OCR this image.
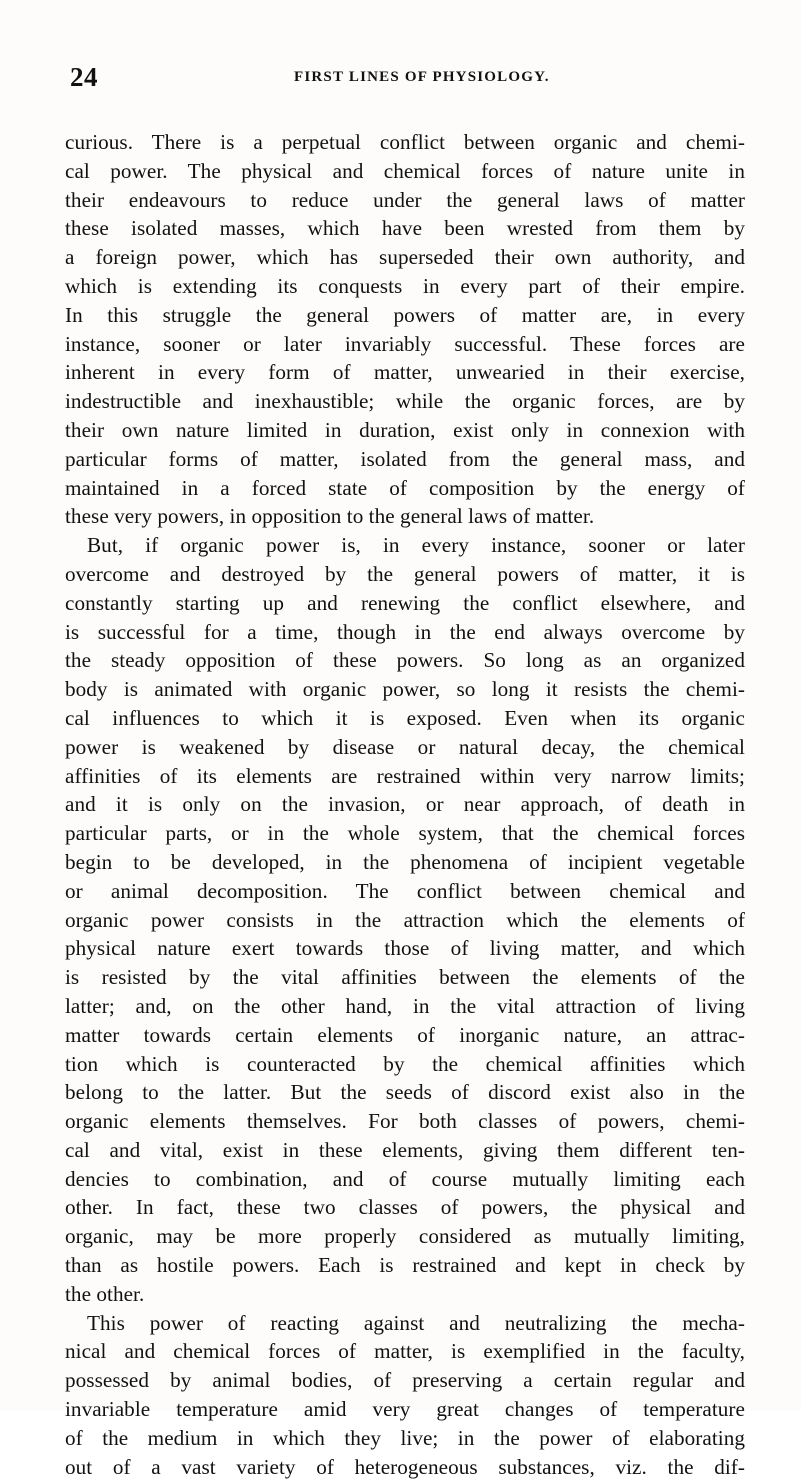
24	FIRST LINES OF PHYSIOLOGY.
curious. There is a perpetual conflict between organic and chemi-
cal power. The physical and chemical forces of nature unite in
their endeavours to reduce under the general laws of matter
these isolated masses, which have been wrested from them by
a foreign power, which has superseded their own authority, and
which is extending its conquests in every part of their empire.
In this struggle the general powers of matter are, in every
instance, sooner or later invariably successful. These forces are
inherent in every form of matter, unwearied in their exercise,
indestructible and inexhaustible; while the organic forces, are by
their own nature limited in duration, exist only in connexion with
particular forms of matter, isolated from the general mass, and
maintained in a forced state of composition by the energy of
these very powers, in opposition to the general laws of matter.
But, if organic power is, in every instance, sooner or later
overcome and destroyed by the general powers of matter, it is
constantly starting up and renewing the conflict elsewhere, and
is successful for a time, though in the end always overcome by
the steady opposition of these powers. So long as an organized
body is animated with organic power, so long it resists the chemi-
cal influences to which it is exposed. Even when its organic
power is weakened by disease or natural decay, the chemical
affinities of its elements are restrained within very narrow limits;
and it is only on the invasion, or near approach, of death in
particular parts, or in the whole system, that the chemical forces
begin to be developed, in the phenomena of incipient vegetable
or animal decomposition. The conflict between chemical and
organic power consists in the attraction which the elements of
physical nature exert towards those of living matter, and which
is resisted by the vital affinities between the elements of the
latter; and, on the other hand, in the vital attraction of living
matter towards certain elements of inorganic nature, an attrac-
tion which is counteracted by the chemical affinities which
belong to the latter. But the seeds of discord exist also in the
organic elements themselves. For both classes of powers, chemi-
cal and vital, exist in these elements, giving them different ten-
dencies to combination, and of course mutually limiting each
other. In fact, these two classes of powers, the physical and
organic, may be more properly considered as mutually limiting,
than as hostile powers. Each is restrained and kept in check by
the other.
This power of reacting against and neutralizing the mecha-
nical and chemical forces of matter, is exemplified in the faculty,
possessed by animal bodies, of preserving a certain regular and
invariable temperature amid very great changes of temperature
of the medium in which they live; in the power of elaborating
out of a vast variety of heterogeneous substances, viz. the dif-
